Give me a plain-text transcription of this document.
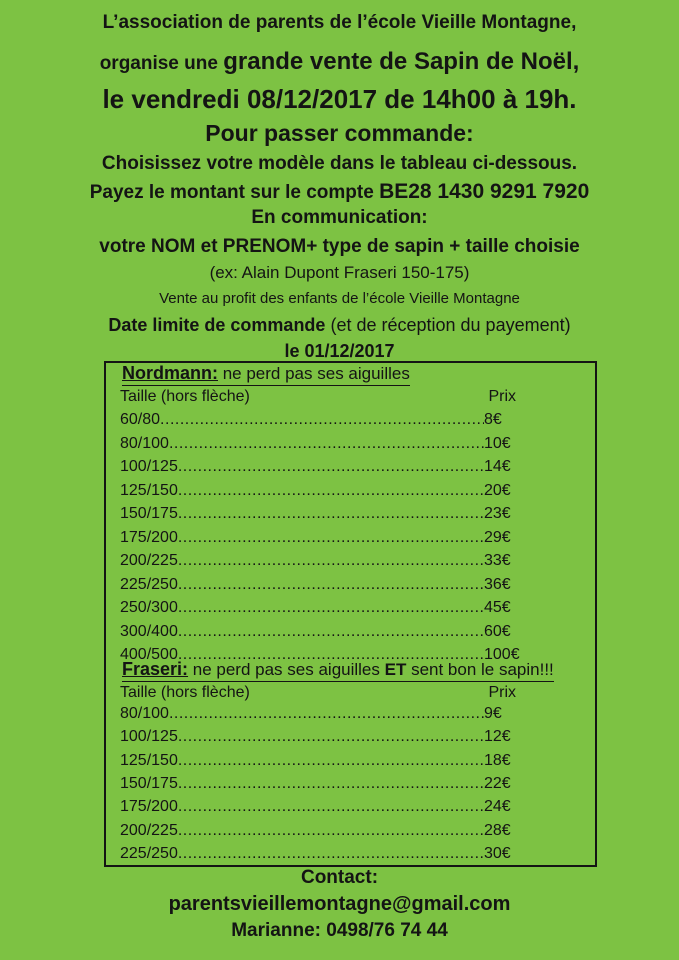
L’association de parents de l’école Vieille Montagne,
organise une grande vente de Sapin de Noël,
le vendredi 08/12/2017 de 14h00 à 19h.
Pour passer commande:
Choisissez votre modèle dans le tableau ci-dessous.
Payez le montant sur le compte BE28 1430 9291 7920
En communication:
votre NOM et PRENOM+ type de sapin + taille choisie
(ex: Alain Dupont Fraseri 150-175)
Vente au profit des enfants de l’école Vieille Montagne
Date limite de commande (et de réception du payement)
le 01/12/2017
Nordmann: ne perd pas ses aiguilles
Taille (hors flèche)	Prix
60/80 .....	8€
80/100 .....	10€
100/125 .....	14€
125/150 .....	20€
150/175 .....	23€
175/200 .....	29€
200/225 .....	33€
225/250 .....	36€
250/300 .....	45€
300/400 .....	60€
400/500 .....	100€
Fraseri: ne perd pas ses aiguilles ET sent bon le sapin!!!
Taille (hors flèche)	Prix
80/100 .....	9€
100/125 .....	12€
125/150 .....	18€
150/175 .....	22€
175/200 .....	24€
200/225 .....	28€
225/250 .....	30€
Contact:
parentsvieillemontagne@gmail.com
Marianne: 0498/76 74 44
